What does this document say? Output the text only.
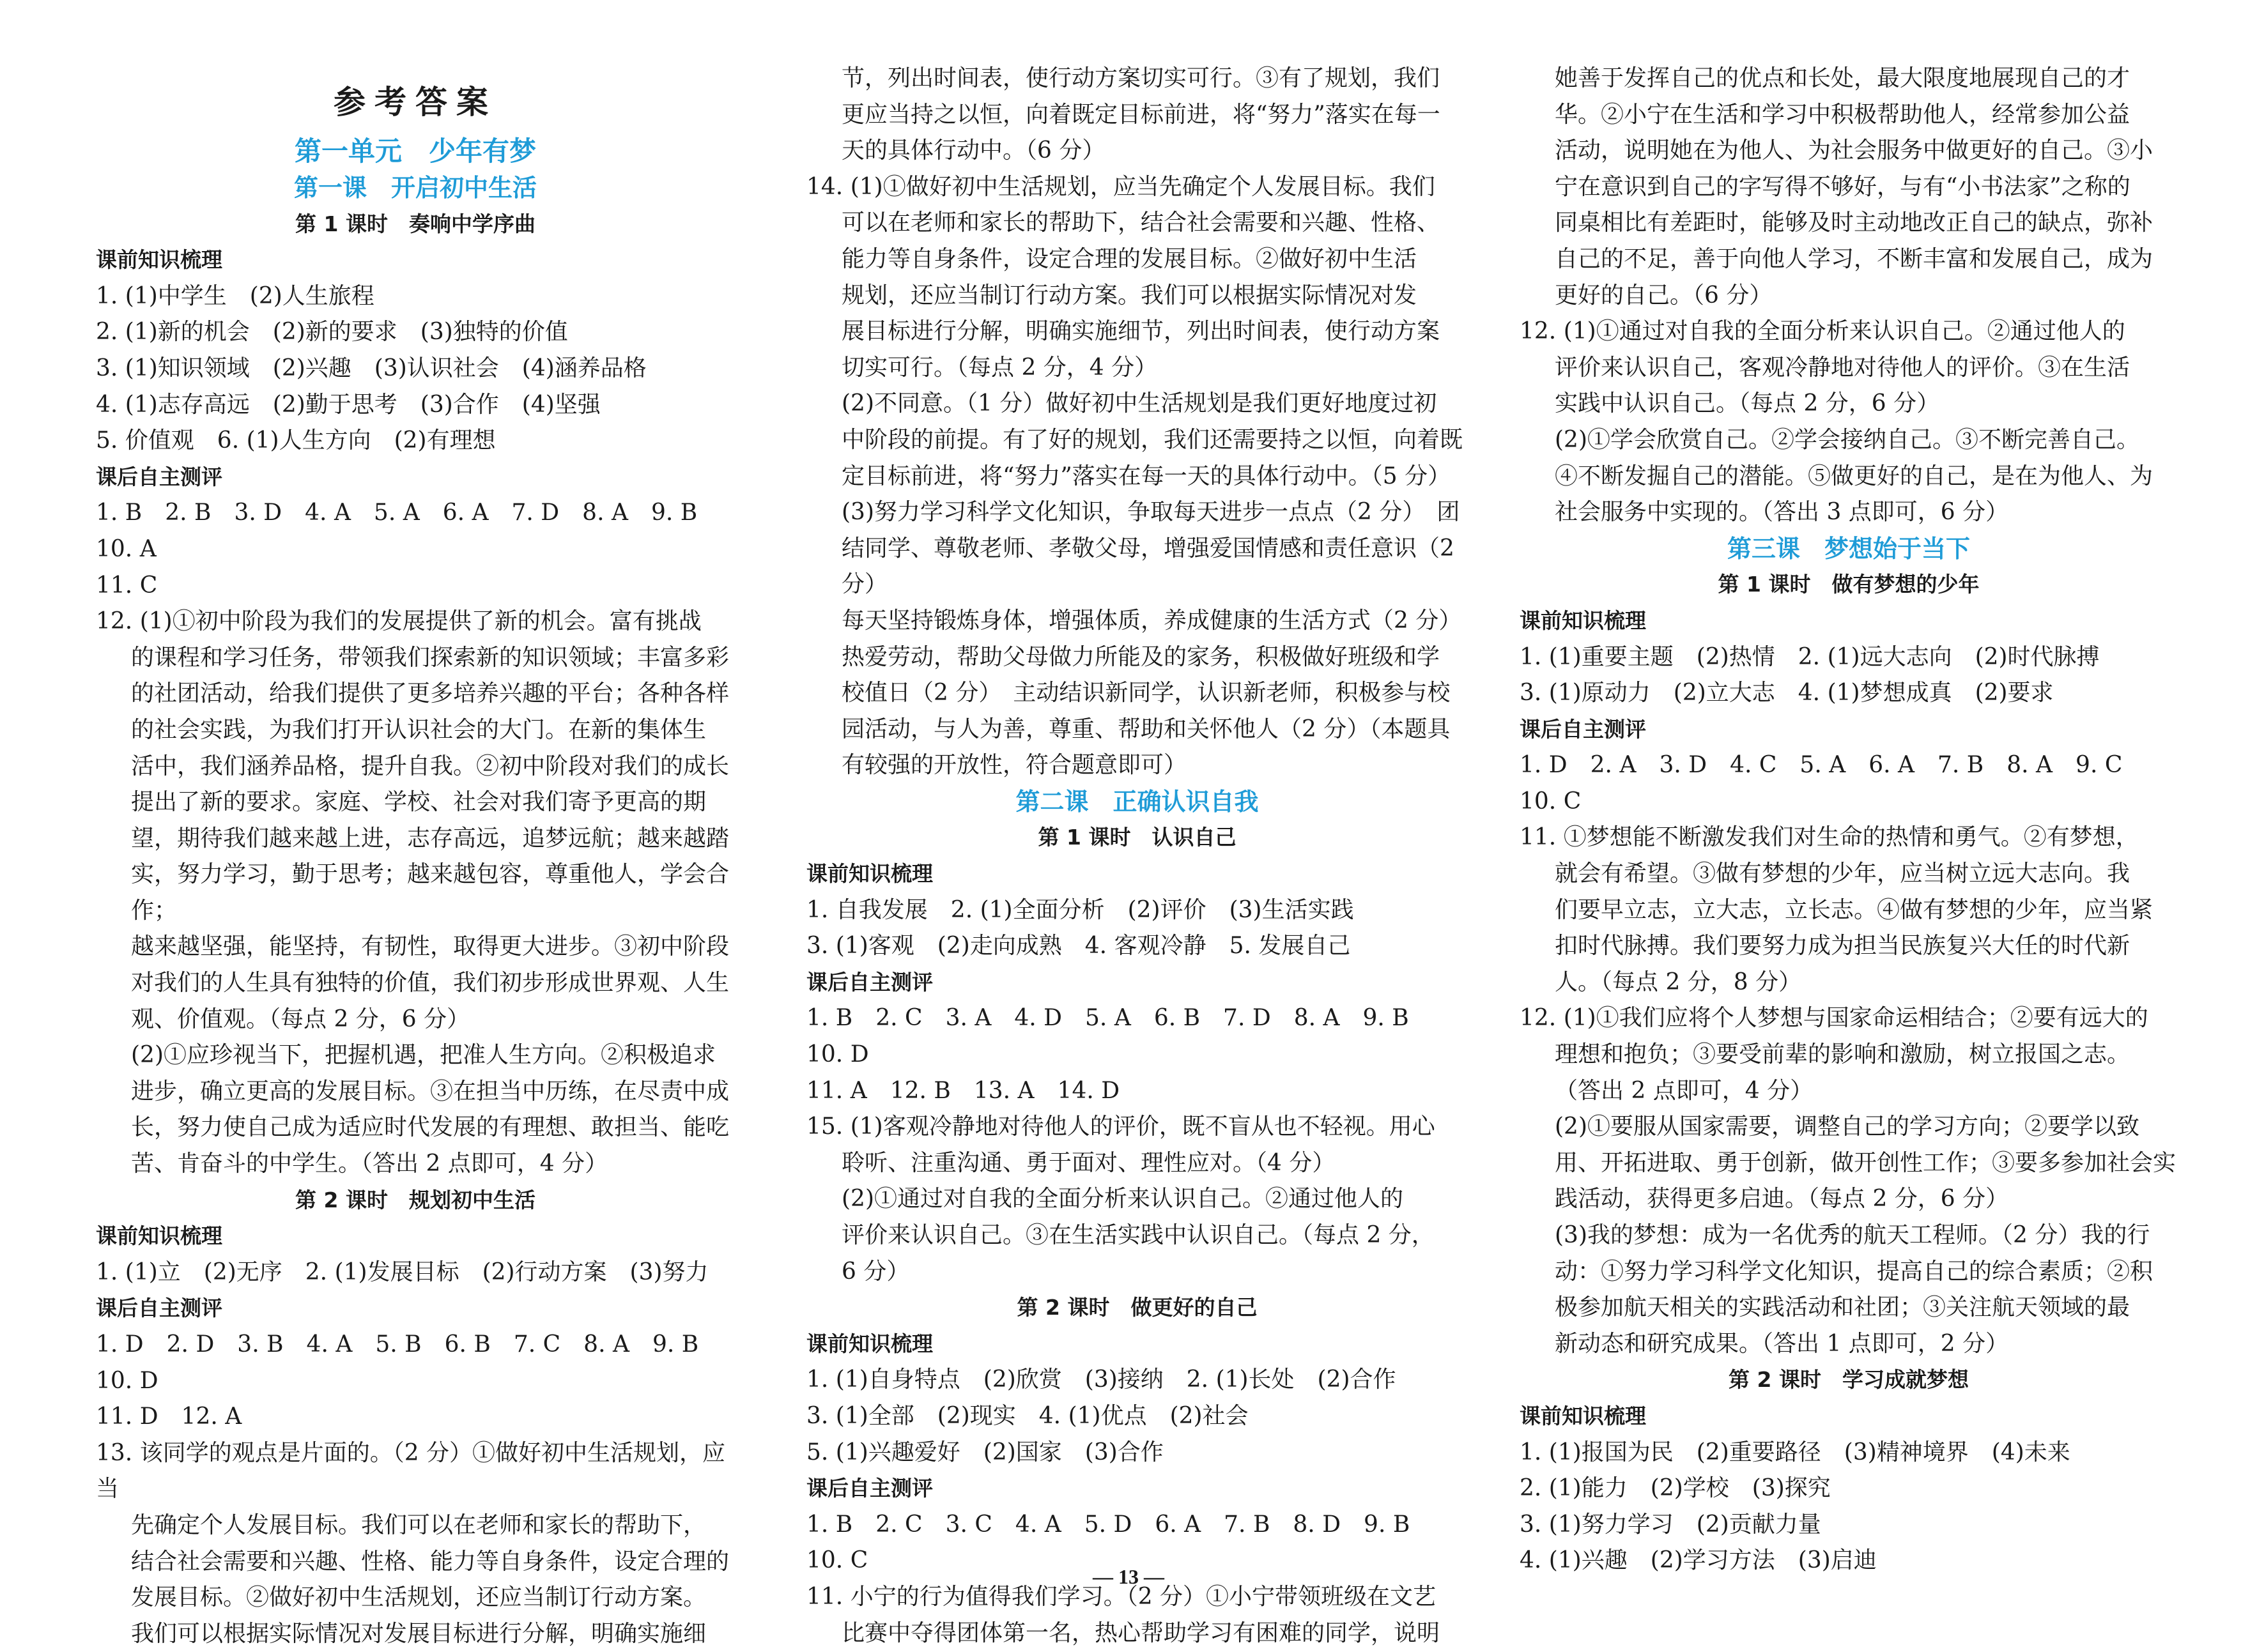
参考答案

第一单元　少年有梦

第一课　开启初中生活

第 1 课时　奏响中学序曲

课前知识梳理

1. (1)中学生　(2)人生旅程

2. (1)新的机会　(2)新的要求　(3)独特的价值

3. (1)知识领域　(2)兴趣　(3)认识社会　(4)涵养品格

4. (1)志存高远　(2)勤于思考　(3)合作　(4)坚强

5. 价值观　6. (1)人生方向　(2)有理想

课后自主测评

1. B　2. B　3. D　4. A　5. A　6. A　7. D　8. A　9. B　10. A

11. C

12. (1)①初中阶段为我们的发展提供了新的机会。富有挑战

的课程和学习任务，带领我们探索新的知识领域；丰富多彩

的社团活动，给我们提供了更多培养兴趣的平台；各种各样

的社会实践，为我们打开认识社会的大门。在新的集体生

活中，我们涵养品格，提升自我。②初中阶段对我们的成长

提出了新的要求。家庭、学校、社会对我们寄予更高的期

望，期待我们越来越上进，志存高远，追梦远航；越来越踏

实，努力学习，勤于思考；越来越包容，尊重他人，学会合作；

越来越坚强，能坚持，有韧性，取得更大进步。③初中阶段

对我们的人生具有独特的价值，我们初步形成世界观、人生

观、价值观。（每点 2 分，6 分）

(2)①应珍视当下，把握机遇，把准人生方向。②积极追求

进步，确立更高的发展目标。③在担当中历练，在尽责中成

长，努力使自己成为适应时代发展的有理想、敢担当、能吃

苦、肯奋斗的中学生。（答出 2 点即可，4 分）

第 2 课时　规划初中生活

课前知识梳理

1. (1)立　(2)无序　2. (1)发展目标　(2)行动方案　(3)努力

课后自主测评

1. D　2. D　3. B　4. A　5. B　6. B　7. C　8. A　9. B　10. D

11. D　12. A

13. 该同学的观点是片面的。（2 分）①做好初中生活规划，应当

先确定个人发展目标。我们可以在老师和家长的帮助下，

结合社会需要和兴趣、性格、能力等自身条件，设定合理的

发展目标。②做好初中生活规划，还应当制订行动方案。

我们可以根据实际情况对发展目标进行分解，明确实施细

节，列出时间表，使行动方案切实可行。③有了规划，我们

更应当持之以恒，向着既定目标前进，将“努力”落实在每一

天的具体行动中。（6 分）

14. (1)①做好初中生活规划，应当先确定个人发展目标。我们

可以在老师和家长的帮助下，结合社会需要和兴趣、性格、

能力等自身条件，设定合理的发展目标。②做好初中生活

规划，还应当制订行动方案。我们可以根据实际情况对发

展目标进行分解，明确实施细节，列出时间表，使行动方案

切实可行。（每点 2 分，4 分）

(2)不同意。（1 分）做好初中生活规划是我们更好地度过初

中阶段的前提。有了好的规划，我们还需要持之以恒，向着既

定目标前进，将“努力”落实在每一天的具体行动中。（5 分）

(3)努力学习科学文化知识，争取每天进步一点点（2 分）　团

结同学、尊敬老师、孝敬父母，增强爱国情感和责任意识（2 分）

每天坚持锻炼身体，增强体质，养成健康的生活方式（2 分）

热爱劳动，帮助父母做力所能及的家务，积极做好班级和学

校值日（2 分）　主动结识新同学，认识新老师，积极参与校

园活动，与人为善，尊重、帮助和关怀他人（2 分）（本题具

有较强的开放性，符合题意即可）

第二课　正确认识自我

第 1 课时　认识自己

课前知识梳理

1. 自我发展　2. (1)全面分析　(2)评价　(3)生活实践

3. (1)客观　(2)走向成熟　4. 客观冷静　5. 发展自己

课后自主测评

1. B　2. C　3. A　4. D　5. A　6. B　7. D　8. A　9. B　10. D

11. A　12. B　13. A　14. D

15. (1)客观冷静地对待他人的评价，既不盲从也不轻视。用心

聆听、注重沟通、勇于面对、理性应对。（4 分）

(2)①通过对自我的全面分析来认识自己。②通过他人的

评价来认识自己。③在生活实践中认识自己。（每点 2 分，

6 分）

第 2 课时　做更好的自己

课前知识梳理

1. (1)自身特点　(2)欣赏　(3)接纳　2. (1)长处　(2)合作

3. (1)全部　(2)现实　4. (1)优点　(2)社会

5. (1)兴趣爱好　(2)国家　(3)合作

课后自主测评

1. B　2. C　3. C　4. A　5. D　6. A　7. B　8. D　9. B　10. C

11. 小宁的行为值得我们学习。（2 分）①小宁带领班级在文艺

比赛中夺得团体第一名，热心帮助学习有困难的同学，说明

她善于发挥自己的优点和长处，最大限度地展现自己的才

华。②小宁在生活和学习中积极帮助他人，经常参加公益

活动，说明她在为他人、为社会服务中做更好的自己。③小

宁在意识到自己的字写得不够好，与有“小书法家”之称的

同桌相比有差距时，能够及时主动地改正自己的缺点，弥补

自己的不足，善于向他人学习，不断丰富和发展自己，成为

更好的自己。（6 分）

12. (1)①通过对自我的全面分析来认识自己。②通过他人的

评价来认识自己，客观冷静地对待他人的评价。③在生活

实践中认识自己。（每点 2 分，6 分）

(2)①学会欣赏自己。②学会接纳自己。③不断完善自己。

④不断发掘自己的潜能。⑤做更好的自己，是在为他人、为

社会服务中实现的。（答出 3 点即可，6 分）

第三课　梦想始于当下

第 1 课时　做有梦想的少年

课前知识梳理

1. (1)重要主题　(2)热情　2. (1)远大志向　(2)时代脉搏

3. (1)原动力　(2)立大志　4. (1)梦想成真　(2)要求

课后自主测评

1. D　2. A　3. D　4. C　5. A　6. A　7. B　8. A　9. C　10. C

11. ①梦想能不断激发我们对生命的热情和勇气。②有梦想，

就会有希望。③做有梦想的少年，应当树立远大志向。我

们要早立志，立大志，立长志。④做有梦想的少年，应当紧

扣时代脉搏。我们要努力成为担当民族复兴大任的时代新

人。（每点 2 分，8 分）

12. (1)①我们应将个人梦想与国家命运相结合；②要有远大的

理想和抱负；③要受前辈的影响和激励，树立报国之志。

（答出 2 点即可，4 分）

(2)①要服从国家需要，调整自己的学习方向；②要学以致

用、开拓进取、勇于创新，做开创性工作；③要多参加社会实

践活动，获得更多启迪。（每点 2 分，6 分）

(3)我的梦想：成为一名优秀的航天工程师。（2 分）我的行

动：①努力学习科学文化知识，提高自己的综合素质；②积

极参加航天相关的实践活动和社团；③关注航天领域的最

新动态和研究成果。（答出 1 点即可，2 分）

第 2 课时　学习成就梦想

课前知识梳理

1. (1)报国为民　(2)重要路径　(3)精神境界　(4)未来

2. (1)能力　(2)学校　(3)探究

3. (1)努力学习　(2)贡献力量

4. (1)兴趣　(2)学习方法　(3)启迪

— 13 —
